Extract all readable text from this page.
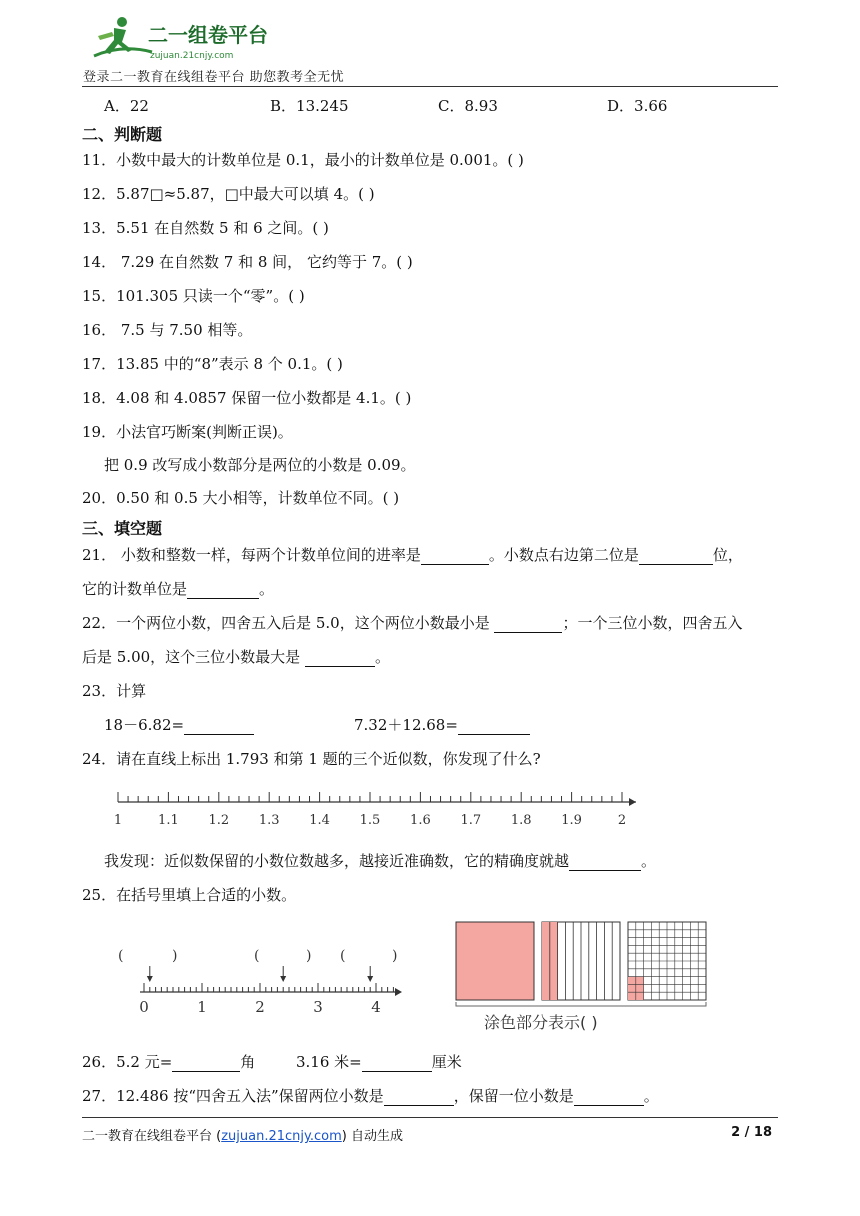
二一组卷平台
zujuan.21cnjy.com
登录二一教育在线组卷平台 助您教考全无忧
A．22	B．13.245	C．8.93	D．3.66
二、判断题
11．小数中最大的计数单位是 0.1，最小的计数单位是 0.001。( )
12．5.87□≈5.87，□中最大可以填 4。( )
13．5.51 在自然数 5 和 6 之间。( )
14． 7.29 在自然数 7 和 8 间， 它约等于 7。( )
15．101.305 只读一个“零”。( )
16． 7.5 与 7.50 相等。
17．13.85 中的“8”表示 8 个 0.1。( )
18．4.08 和 4.0857 保留一位小数都是 4.1。( )
19．小法官巧断案(判断正误)。
把 0.9 改写成小数部分是两位的小数是 0.09。
20．0.50 和 0.5 大小相等，计数单位不同。( )
三、填空题
21． 小数和整数一样，每两个计数单位间的进率是	。小数点右边第二位是	位，
它的计数单位是	。
22．一个两位小数，四舍五入后是 5.0，这个两位小数最小是	；一个三位小数，四舍五入
后是 5.00，这个三位小数最大是	。
23．计算
18－6.82=	7.32＋12.68=
24．请在直线上标出 1.793 和第 1 题的三个近似数，你发现了什么?
1	1.1 1.2 1.3 1.4 1.5 1.6 1.7 1.8 1.9	2
我发现：近似数保留的小数位数越多，越接近准确数，它的精确度就越	。
25．在括号里填上合适的小数。
0	1	2	3	4
(	)	(	) (	)
涂色部分表示( )
26．5.2 元=	角	3.16 米=	厘米
27．12.486 按“四舍五入法”保留两位小数是	，保留一位小数是	。
二一教育在线组卷平台 (zujuan.21cnjy.com) 自动生成	2 / 18
